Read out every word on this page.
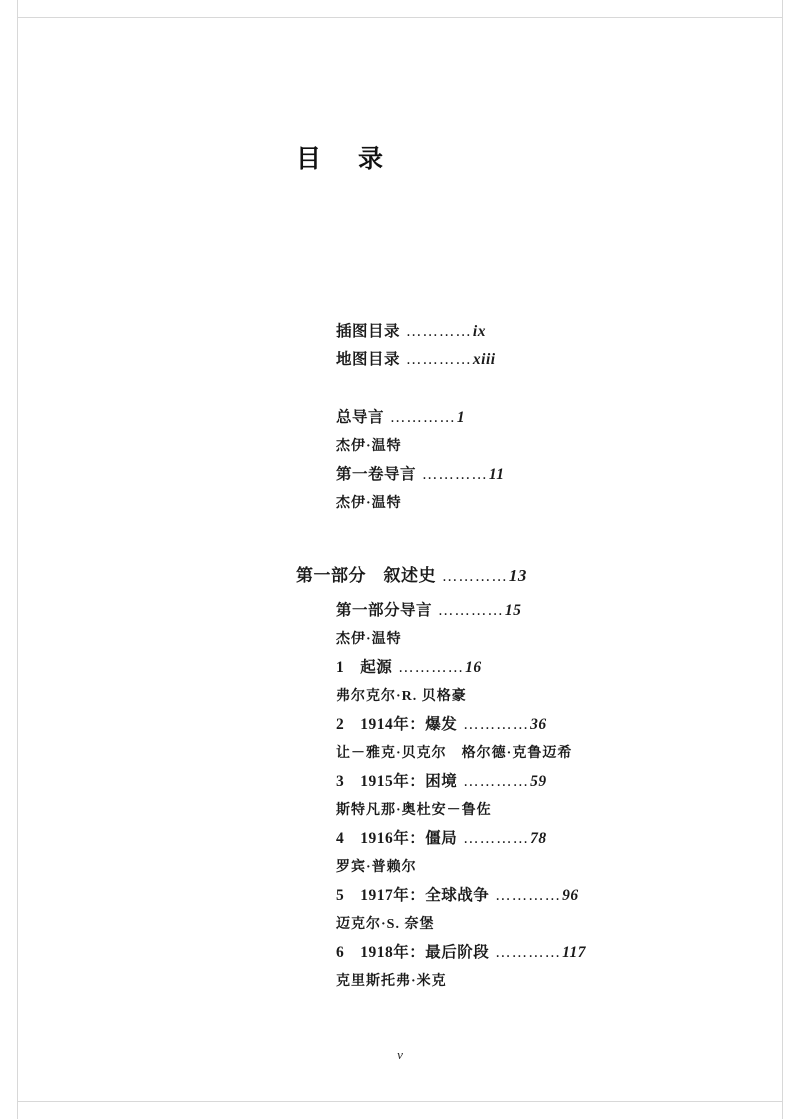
目　录
插图目录 …………ix
地图目录 …………xiii
总导言 …………1
杰伊·温特
第一卷导言 …………11
杰伊·温特
第一部分　叙述史 …………13
第一部分导言 …………15
杰伊·温特
1　起源 …………16
弗尔克尔·R. 贝格豪
2　1914年：爆发 …………36
让－雅克·贝克尔　格尔德·克鲁迈希
3　1915年：困境 …………59
斯特凡那·奥杜安－鲁佐
4　1916年：僵局 …………78
罗宾·普赖尔
5　1917年：全球战争 …………96
迈克尔·S. 奈堡
6　1918年：最后阶段 …………117
克里斯托弗·米克
v
